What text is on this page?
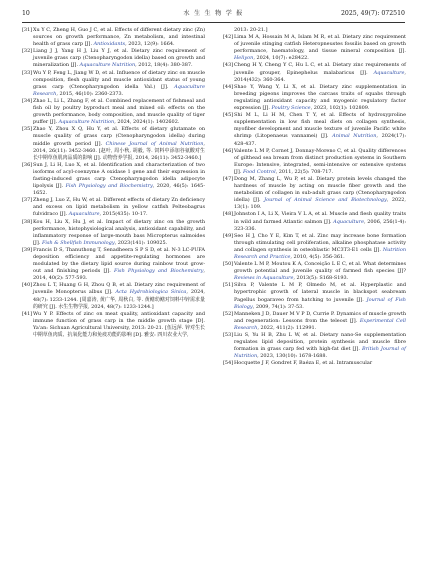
10	水 生 生 物 学 报	2025, 49(7): 072510

[31] Xu Y C, Zheng H, Guo J C, et al. Effects of different dietary zinc (Zn) sources on growth performance, Zn metabolism, and intestinal health of grass carp [J]. Antioxidants, 2023, 12(9): 1664.

[32] Liang J J, Yang H J, Liu Y J, et al. Dietary zinc requirement of juvenile grass carp (Ctenopharyngodon idella) based on growth and mineralization [J]. Aquaculture Nutrition, 2012, 18(4): 380-387.

[33] Wu Y P, Feng L, Jiang W D, et al. Influence of dietary zinc on muscle composition, flesh quality and muscle antioxidant status of young grass carp (Ctenopharyngodon idella Val.) [J]. Aquaculture Research, 2015, 46(10): 2360-2373.

[34] Zhao L, Li L, Zhang F, et al. Combined replacement of fishmeal and fish oil by poultry byproduct meal and mixed oil: effects on the growth performance, body composition, and muscle quality of tiger puffer [J]. Aquaculture Nutrition, 2024, 2024(1): 1402602.

[35] Zhao Y, Zhou X Q, Hu Y, et al. Effects of dietary glutamate on muscle quality of grass carp (Ctenopharyngodon idella) during middle growth period [J]. Chinese Journal of Animal Nutrition, 2014, 26(11): 3452-3460. [赵叶, 周小秋, 胡毅, 等. 饲料中添加谷氨酸对生长中期草鱼肌肉品质的影响 [J]. 动物营养学报, 2014, 26(11): 3452-3460.]

[36] Sun J, Li H, Luo X, et al. Identification and characterization of two isoforms of acyl-coenzyme A oxidase 1 gene and their expression in fasting-induced grass carp Ctenopharyngodon idella adipocyte lipolysis [J]. Fish Physiology and Biochemistry, 2020, 46(5): 1645-1652.

[37] Zheng J, Luo Z, Hu W, et al. Different effects of dietary Zn deficiency and excess on lipid metabolism in yellow catfish Pelteobagrus fulvidraco [J]. Aquaculture, 2015(435): 10-17.

[38] Kou H, Liu X, Hu J, et al. Impact of dietary zinc on the growth performance, histophysiological analysis, antioxidant capability, and inflammatory response of large-mouth bass Micropterus salmoides [J]. Fish & Shellfish Immunology, 2023(141): 109025.

[39] Francis D S, Thanuthong T, Senadheera S P S D, et al. N-3 LC-PUFA deposition efficiency and appetite-regulating hormones are modulated by the dietary lipid source during rainbow trout grow-out and finishing periods [J]. Fish Physiology and Biochemistry, 2014, 40(2): 577-593.

[40] Zhou L T, Huang G H, Zhou Q B, et al. Dietary zinc requirement of juvenile Monopterus albus [J]. Acta Hydrobiologica Sinica, 2024, 48(7): 1233-1244. [周嘉涛, 黄广华, 周秋白, 等. 黄鳝幼鳝对饲料中锌需求量的研究 [J]. 水生生物学报, 2024, 48(7): 1233-1244.]

[41] Wu Y P. Effects of zinc on meat quality, antioxidant capacity and immune function of grass carp in the middle growth stage [D]. Ya'an: Sichuan Agricultural University, 2013: 20-21. [伍远萍. 锌对生长中期草鱼肉质、抗氧化能力和免疫功能的影响 [D]. 雅安: 四川农业大学,

2013: 20-21.]

[42] Lima M A, Hossain M A, Islam M R, et al. Dietary zinc requirement of juvenile stinging catfish Heteropneustes fossilis based on growth performance, haematology, and tissue mineral composition [J]. Heliyon, 2024, 10(7): e28422.

[43] Cheng H Y, Cheng Y C, Hu L C, et al. Dietary zinc requirements of juvenile grouper, Epinephelus malabaricus [J]. Aquaculture, 2014(432): 360-364.

[44] Shao Y, Wang Y, Li X, et al. Dietary zinc supplementation in breeding pigeons improves the carcass traits of squabs through regulating antioxidant capacity and myogenic regulatory factor expression [J]. Poultry Science, 2023, 102(1): 102809.

[45] Shi M L, Li H M, Chen T Y, et al. Effects of hydroxyproline supplementation in low fish meal diets on collagen synthesis, myofiber development and muscle texture of juvenile Pacific white shrimp (Litopenaeus vannamei) [J]. Animal Nutrition, 2024(17): 428-437.

[46] Valente L M P, Cornet J, Donnay-Moreno C, et al. Quality differences of gilthead sea bream from distinct production systems in Southern Europe: Intensive, integrated, semi-intensive or extensive systems [J]. Food Control, 2011, 22(5): 708-717.

[47] Dong M, Zhang L, Wu P, et al. Dietary protein levels changed the hardness of muscle by acting on muscle fiber growth and the metabolism of collagen in sub-adult grass carp (Ctenopharyngodon idella) [J]. Journal of Animal Science and Biotechnology, 2022, 13(1): 109.

[48] Johnston I A, Li X, Vieira V L A, et al. Muscle and flesh quality traits in wild and farmed Atlantic salmon [J]. Aquaculture, 2006, 256(1-4): 323-336.

[49] Seo H J, Cho Y E, Kim T, et al. Zinc may increase bone formation through stimulating cell proliferation, alkaline phosphatase activity and collagen synthesis in osteoblastic MC3T3-E1 cells [J]. Nutrition Research and Practice, 2010, 4(5): 356-361.

[50] Valente L M P, Moutou K A, Conceição L E C, et al. What determines growth potential and juvenile quality of farmed fish species [J]? Reviews in Aquaculture, 2013(5): S168-S193.

[51] Silva P, Valente L M P, Olmedo M, et al. Hyperplastic and hypertrophic growth of lateral muscle in blackspot seabream Pagellus bogaraveo from hatching to juvenile [J]. Journal of Fish Biology, 2009, 74(1): 37-53.

[52] Manneken J D, Dauer M V P D, Currie P. Dynamics of muscle growth and regeneration: Lessons from the teleost [J]. Experimental Cell Research, 2022, 411(2): 112991.

[53] Liu S, Yu H B, Zhu L W, et al. Dietary nano-Se supplementation regulates lipid deposition, protein synthesis and muscle fibre formation in grass carp fed with high-fat diet [J]. British Journal of Nutrition, 2023, 130(10): 1678-1688.

[54] Hocquette J F, Gondret F, Baéza E, et al. Intramuscular
